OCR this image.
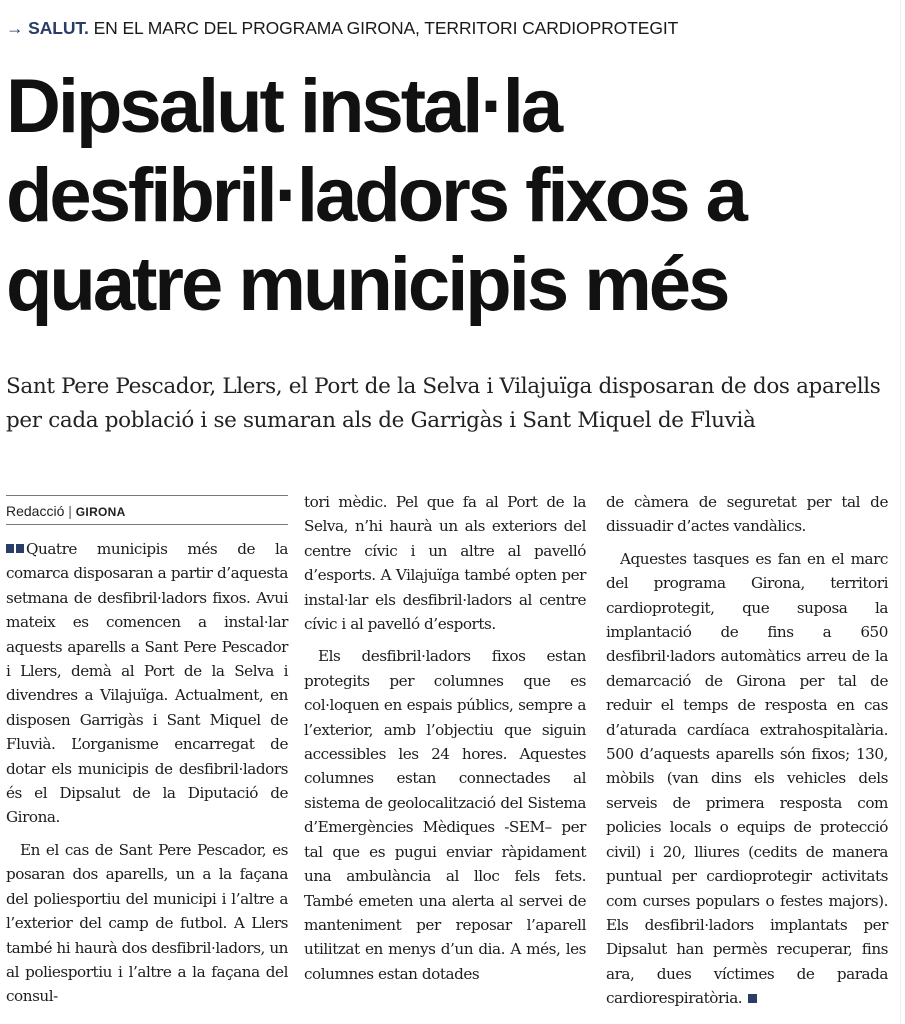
→ SALUT. EN EL MARC DEL PROGRAMA GIRONA, TERRITORI CARDIOPROTEGIT
Dipsalut instal·la desfibril·ladors fixos a quatre municipis més

Sant Pere Pescador, Llers, el Port de la Selva i Vilajuïga disposaran de dos aparells per cada població i se sumaran als de Garrigàs i Sant Miquel de Fluvià

Redacció | GIRONA

Quatre municipis més de la comarca disposaran a partir d’aquesta setmana de desfibril·ladors fixos. Avui mateix es comencen a instal·lar aquests aparells a Sant Pere Pescador i Llers, demà al Port de la Selva i divendres a Vilajuïga. Actualment, en disposen Garrigàs i Sant Miquel de Fluvià. L’organisme encarregat de dotar els municipis de desfibril·ladors és el Dipsalut de la Diputació de Girona.

En el cas de Sant Pere Pescador, es posaran dos aparells, un a la façana del poliesportiu del municipi i l’altre a l’exterior del camp de futbol. A Llers també hi haurà dos desfibril·ladors, un al poliesportiu i l’altre a la façana del consul-

tori mèdic. Pel que fa al Port de la Selva, n’hi haurà un als exteriors del centre cívic i un altre al pavelló d’esports. A Vilajuïga també opten per instal·lar els desfibril·ladors al centre cívic i al pavelló d’esports.

Els desfibril·ladors fixos estan protegits per columnes que es col·loquen en espais públics, sempre a l’exterior, amb l’objectiu que siguin accessibles les 24 hores. Aquestes columnes estan connectades al sistema de geolocalització del Sistema d’Emergències Mèdiques -SEM– per tal que es pugui enviar ràpidament una ambulància al lloc fels fets. També emeten una alerta al servei de manteniment per reposar l’aparell utilitzat en menys d’un dia. A més, les columnes estan dotades

de càmera de seguretat per tal de dissuadir d’actes vandàlics.

Aquestes tasques es fan en el marc del programa Girona, territori cardioprotegit, que suposa la implantació de fins a 650 desfibril·ladors automàtics arreu de la demarcació de Girona per tal de reduir el temps de resposta en cas d’aturada cardíaca extrahospitalària. 500 d’aquests aparells són fixos; 130, mòbils (van dins els vehicles dels serveis de primera resposta com policies locals o equips de protecció civil) i 20, lliures (cedits de manera puntual per cardioprotegir activitats com curses populars o festes majors). Els desfibril·ladors implantats per Dipsalut han permès recuperar, fins ara, dues víctimes de parada cardiorespiratòria.
